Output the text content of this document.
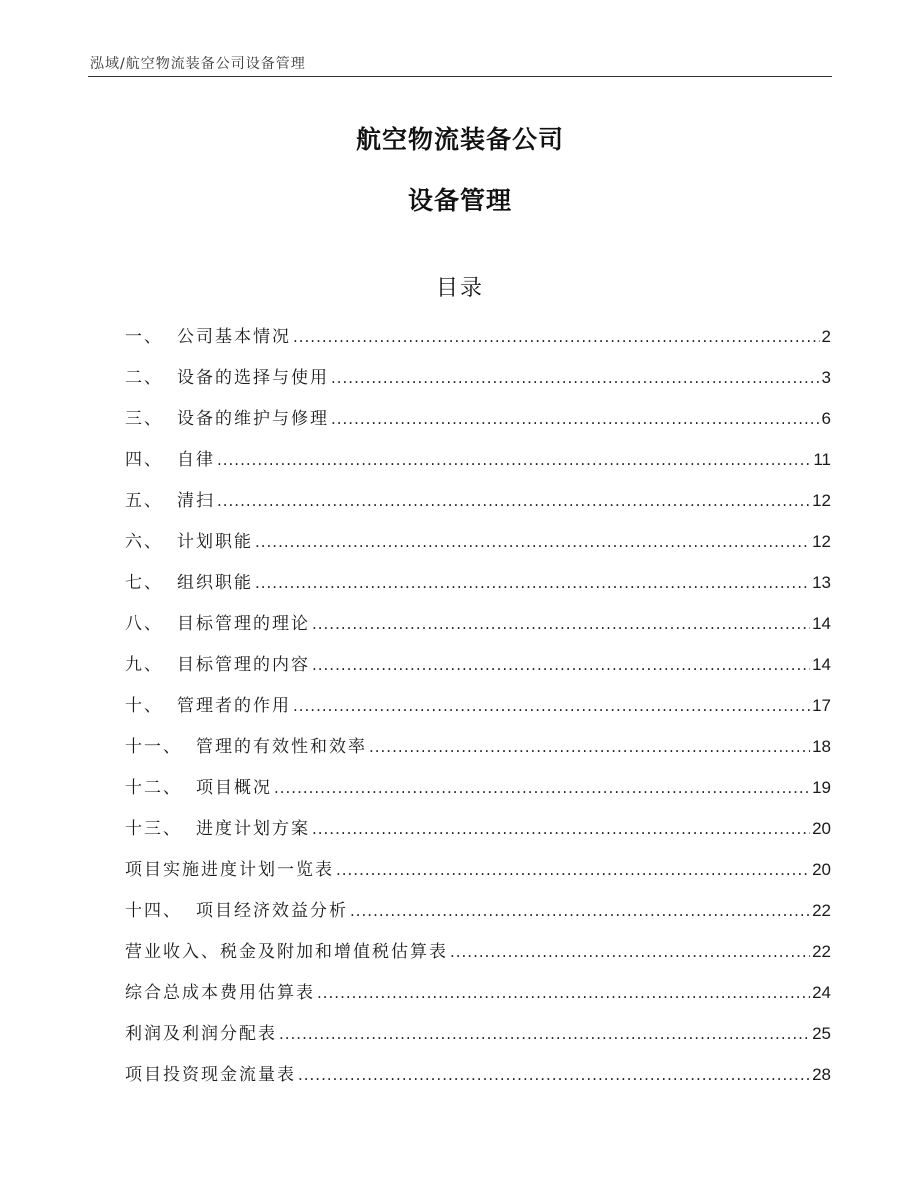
泓域/航空物流装备公司设备管理
航空物流装备公司
设备管理
目录
一、 公司基本情况 .....	2
二、 设备的选择与使用 .....	3
三、 设备的维护与修理 .....	6
四、 自律 .....	11
五、 清扫 .....	12
六、 计划职能 .....	12
七、 组织职能 .....	13
八、 目标管理的理论 .....	14
九、 目标管理的内容 .....	14
十、 管理者的作用 .....	17
十一、 管理的有效性和效率 .....	18
十二、 项目概况 .....	19
十三、 进度计划方案 .....	20
项目实施进度计划一览表 .....	20
十四、 项目经济效益分析 .....	22
营业收入、税金及附加和增值税估算表 .....	22
综合总成本费用估算表 .....	24
利润及利润分配表 .....	25
项目投资现金流量表 .....	28
